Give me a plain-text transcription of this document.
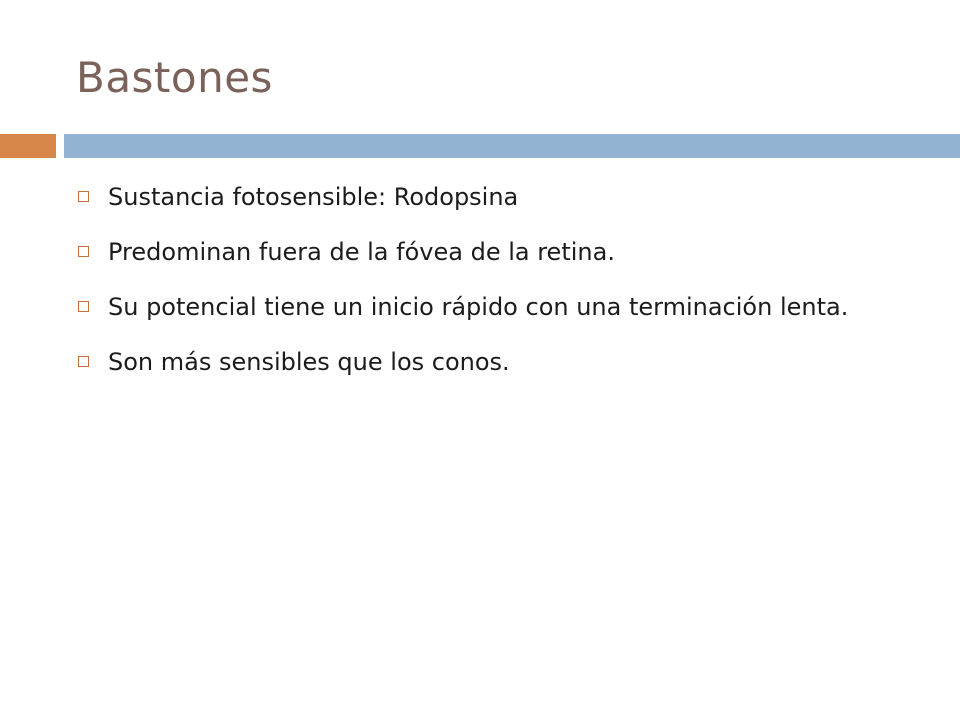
Bastones
Sustancia fotosensible: Rodopsina
Predominan fuera de la fóvea de la retina.
Su potencial tiene un inicio rápido con una terminación lenta.
Son más sensibles que los conos.
